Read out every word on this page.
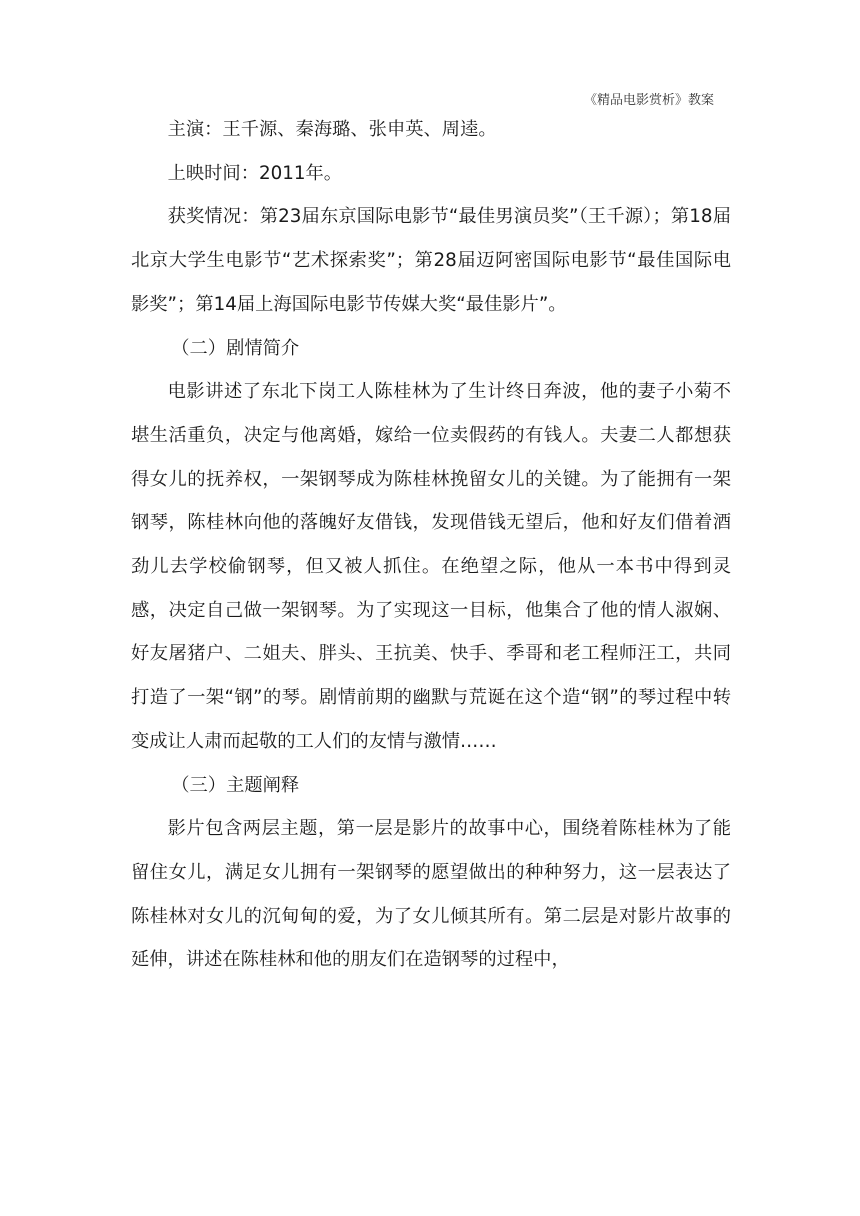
《精品电影赏析》教案

主演：王千源、秦海璐、张申英、周逵。

上映时间：2011年。

获奖情况：第23届东京国际电影节“最佳男演员奖”（王千源）；第18届北京大学生电影节“艺术探索奖”；第28届迈阿密国际电影节“最佳国际电影奖”；第14届上海国际电影节传媒大奖“最佳影片”。

（二）剧情简介

电影讲述了东北下岗工人陈桂林为了生计终日奔波，他的妻子小菊不堪生活重负，决定与他离婚，嫁给一位卖假药的有钱人。夫妻二人都想获得女儿的抚养权，一架钢琴成为陈桂林挽留女儿的关键。为了能拥有一架钢琴，陈桂林向他的落魄好友借钱，发现借钱无望后，他和好友们借着酒劲儿去学校偷钢琴，但又被人抓住。在绝望之际，他从一本书中得到灵感，决定自己做一架钢琴。为了实现这一目标，他集合了他的情人淑娴、好友屠猪户、二姐夫、胖头、王抗美、快手、季哥和老工程师汪工，共同打造了一架“钢”的琴。剧情前期的幽默与荒诞在这个造“钢”的琴过程中转变成让人肃而起敬的工人们的友情与激情……

（三）主题阐释

影片包含两层主题，第一层是影片的故事中心，围绕着陈桂林为了能留住女儿，满足女儿拥有一架钢琴的愿望做出的种种努力，这一层表达了陈桂林对女儿的沉甸甸的爱，为了女儿倾其所有。第二层是对影片故事的延伸，讲述在陈桂林和他的朋友们在造钢琴的过程中，
